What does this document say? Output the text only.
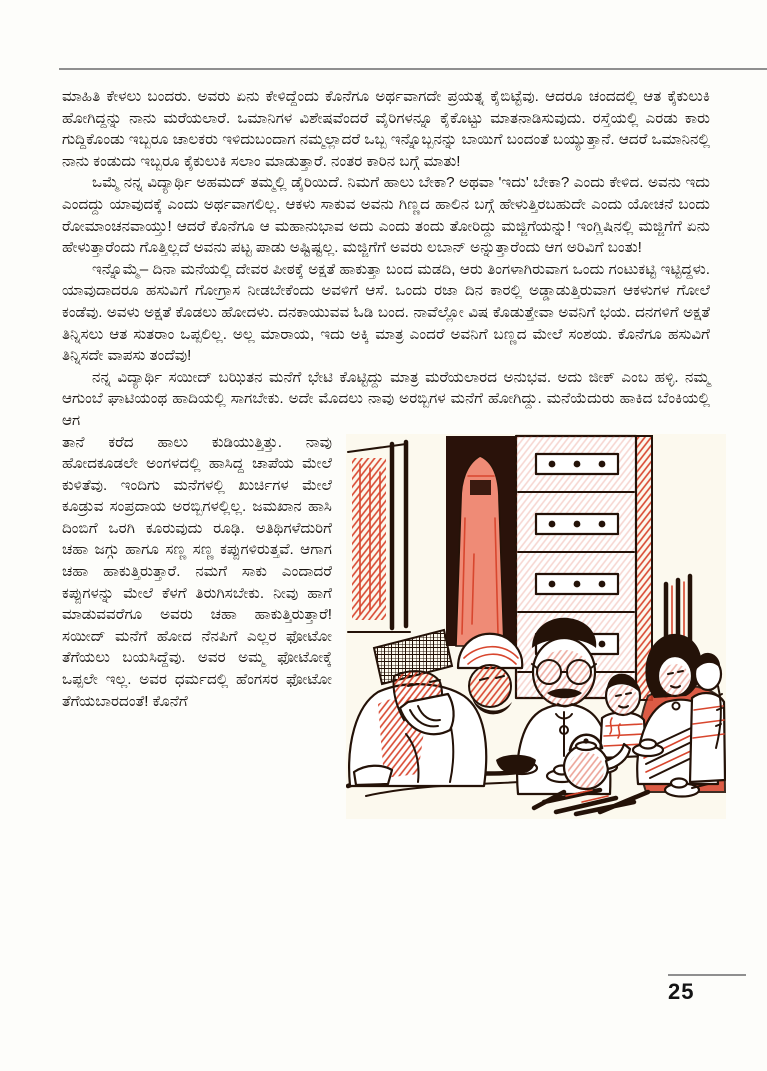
ಮಾಹಿತಿ ಕೇಳಲು ಬಂದರು. ಅವರು ಏನು ಕೇಳಿದ್ದೆಂದು ಕೊನೆಗೂ ಅರ್ಥವಾಗದೇ ಪ್ರಯತ್ನ ಕೈಬಿಟ್ಟೆವು. ಆದರೂ ಚಂದದಲ್ಲಿ ಆತ ಕೈಕುಲುಕಿ ಹೋಗಿದ್ದನ್ನು ನಾನು ಮರೆಯಲಾರೆ. ಒಮಾನಿಗಳ ವಿಶೇಷವೆಂದರೆ ವೈರಿಗಳನ್ನೂ ಕೈಕೊಟ್ಟು ಮಾತನಾಡಿಸುವುದು. ರಸ್ತೆಯಲ್ಲಿ ಎರಡು ಕಾರು ಗುದ್ದಿಕೊಂಡು ಇಬ್ಬರೂ ಚಾಲಕರು ಇಳಿದುಬಂದಾಗ ನಮ್ಮಲ್ಲಾದರೆ ಒಬ್ಬ ಇನ್ನೊಬ್ಬನನ್ನು ಬಾಯಿಗೆ ಬಂದಂತೆ ಬಯ್ಯುತ್ತಾನೆ. ಆದರೆ ಒಮಾನಿನಲ್ಲಿ ನಾನು ಕಂಡುದು ಇಬ್ಬರೂ ಕೈಕುಲುಕಿ ಸಲಾಂ ಮಾಡುತ್ತಾರೆ. ನಂತರ ಕಾರಿನ ಬಗ್ಗೆ ಮಾತು!

ಒಮ್ಮೆ ನನ್ನ ವಿದ್ಯಾರ್ಥಿ ಅಹಮದ್ ತಮ್ಮಲ್ಲಿ ಡೈರಿಯಿದೆ. ನಿಮಗೆ ಹಾಲು ಬೇಕಾ? ಅಥವಾ 'ಇದು' ಬೇಕಾ? ಎಂದು ಕೇಳಿದ. ಅವನು ಇದು ಎಂದದ್ದು ಯಾವುದಕ್ಕೆ ಎಂದು ಅರ್ಥವಾಗಲಿಲ್ಲ. ಆಕಳು ಸಾಕುವ ಅವನು ಗಿಣ್ಣದ ಹಾಲಿನ ಬಗ್ಗೆ ಹೇಳುತ್ತಿರಬಹುದೇ ಎಂದು ಯೋಚನೆ ಬಂದು ರೋಮಾಂಚನವಾಯ್ತು! ಆದರೆ ಕೊನೆಗೂ ಆ ಮಹಾನುಭಾವ ಅದು ಎಂದು ತಂದು ತೋರಿದ್ದು ಮಜ್ಜಿಗೆಯನ್ನು! ಇಂಗ್ಲಿಷಿನಲ್ಲಿ ಮಜ್ಜಿಗೆಗೆ ಏನು ಹೇಳುತ್ತಾರೆಂದು ಗೊತ್ತಿಲ್ಲದೆ ಅವನು ಪಟ್ಟ ಪಾಡು ಅಷ್ಟಿಷ್ಟಲ್ಲ. ಮಜ್ಜಿಗೆಗೆ ಅವರು ಲಬಾನ್ ಅನ್ನುತ್ತಾರೆಂದು ಆಗ ಅರಿವಿಗೆ ಬಂತು!

ಇನ್ನೊಮ್ಮೆ– ದಿನಾ ಮನೆಯಲ್ಲಿ ದೇವರ ಪೀಠಕ್ಕೆ ಅಕ್ಷತೆ ಹಾಕುತ್ತಾ ಬಂದ ಮಡದಿ, ಆರು ತಿಂಗಳಾಗಿರುವಾಗ ಒಂದು ಗಂಟುಕಟ್ಟಿ ಇಟ್ಟಿದ್ದಳು. ಯಾವುದಾದರೂ ಹಸುವಿಗೆ ಗೋಗ್ರಾಸ ನೀಡಬೇಕೆಂದು ಅವಳಿಗೆ ಆಸೆ. ಒಂದು ರಜಾ ದಿನ ಕಾರಲ್ಲಿ ಅಡ್ಡಾಡುತ್ತಿರುವಾಗ ಆಕಳುಗಳ ಗೋಲೆ ಕಂಡೆವು. ಅವಳು ಅಕ್ಷತೆ ಕೊಡಲು ಹೋದಳು. ದನಕಾಯುವವ ಓಡಿ ಬಂದ. ನಾವೆಲ್ಲೋ ವಿಷ ಕೊಡುತ್ತೇವಾ ಅವನಿಗೆ ಭಯ. ದನಗಳಿಗೆ ಅಕ್ಷತೆ ತಿನ್ನಿಸಲು ಆತ ಸುತರಾಂ ಒಪ್ಪಲಿಲ್ಲ. ಅಲ್ಲ ಮಾರಾಯ, ಇದು ಅಕ್ಕಿ ಮಾತ್ರ ಎಂದರೆ ಅವನಿಗೆ ಬಣ್ಣದ ಮೇಲೆ ಸಂಶಯ. ಕೊನೆಗೂ ಹಸುವಿಗೆ ತಿನ್ನಿಸದೇ ವಾಪಸು ತಂದೆವು!

ನನ್ನ ವಿದ್ಯಾರ್ಥಿ ಸಯೀದ್ ಬಝಿತನ ಮನೆಗೆ ಭೇಟಿ ಕೊಟ್ಟಿದ್ದು ಮಾತ್ರ ಮರೆಯಲಾರದ ಅನುಭವ. ಅದು ಜೀಕ್ ಎಂಬ ಹಳ್ಳಿ. ನಮ್ಮ ಆಗುಂಬೆ ಘಾಟಿಯಂಥ ಹಾದಿಯಲ್ಲಿ ಸಾಗಬೇಕು. ಅದೇ ಮೊದಲು ನಾವು ಅರಬ್ಬಿಗಳ ಮನೆಗೆ ಹೋಗಿದ್ದು. ಮನೆಯೆದುರು ಹಾಕಿದ ಬೆಂಕಿಯಲ್ಲಿ ಆಗ

ತಾನೆ ಕರೆದ ಹಾಲು ಕುಡಿಯುತ್ತಿತ್ತು. ನಾವು ಹೋದಕೂಡಲೇ ಅಂಗಳದಲ್ಲಿ ಹಾಸಿದ್ದ ಚಾಪೆಯ ಮೇಲೆ ಕುಳಿತೆವು. ಇಂದಿಗು ಮನೆಗಳಲ್ಲಿ ಖುರ್ಚಿಗಳ ಮೇಲೆ ಕೂಡ್ರುವ ಸಂಪ್ರದಾಯ ಅರಬ್ಬಿಗಳಲ್ಲಿಲ್ಲ. ಜಮಖಾನ ಹಾಸಿ ದಿಂಬಿಗೆ ಒರಗಿ ಕೂರುವುದು ರೂಢಿ. ಅತಿಥಿಗಳೆದುರಿಗೆ ಚಹಾ ಜಗ್ಗು ಹಾಗೂ ಸಣ್ಣ ಸಣ್ಣ ಕಪ್ಪುಗಳಿರುತ್ತವೆ. ಆಗಾಗ ಚಹಾ ಹಾಕುತ್ತಿರುತ್ತಾರೆ. ನಮಗೆ ಸಾಕು ಎಂದಾದರೆ ಕಪ್ಪುಗಳನ್ನು ಮೇಲೆ ಕೆಳಗೆ ತಿರುಗಿಸಬೇಕು. ನೀವು ಹಾಗೆ ಮಾಡುವವರೆಗೂ ಅವರು ಚಹಾ ಹಾಕುತ್ತಿರುತ್ತಾರೆ! ಸಯೀದ್ ಮನೆಗೆ ಹೋದ ನೆನಪಿಗೆ ಎಲ್ಲರ ಫೋಟೋ ತೆಗೆಯಲು ಬಯಸಿದ್ದೆವು. ಅವರ ಅಮ್ಮ ಫೋಟೋಕ್ಕೆ ಒಪ್ಪಲೇ ಇಲ್ಲ. ಅವರ ಧರ್ಮದಲ್ಲಿ ಹೆಂಗಸರ ಫೋಟೋ ತೆಗೆಯಬಾರದಂತೆ! ಕೊನೆಗೆ

25
